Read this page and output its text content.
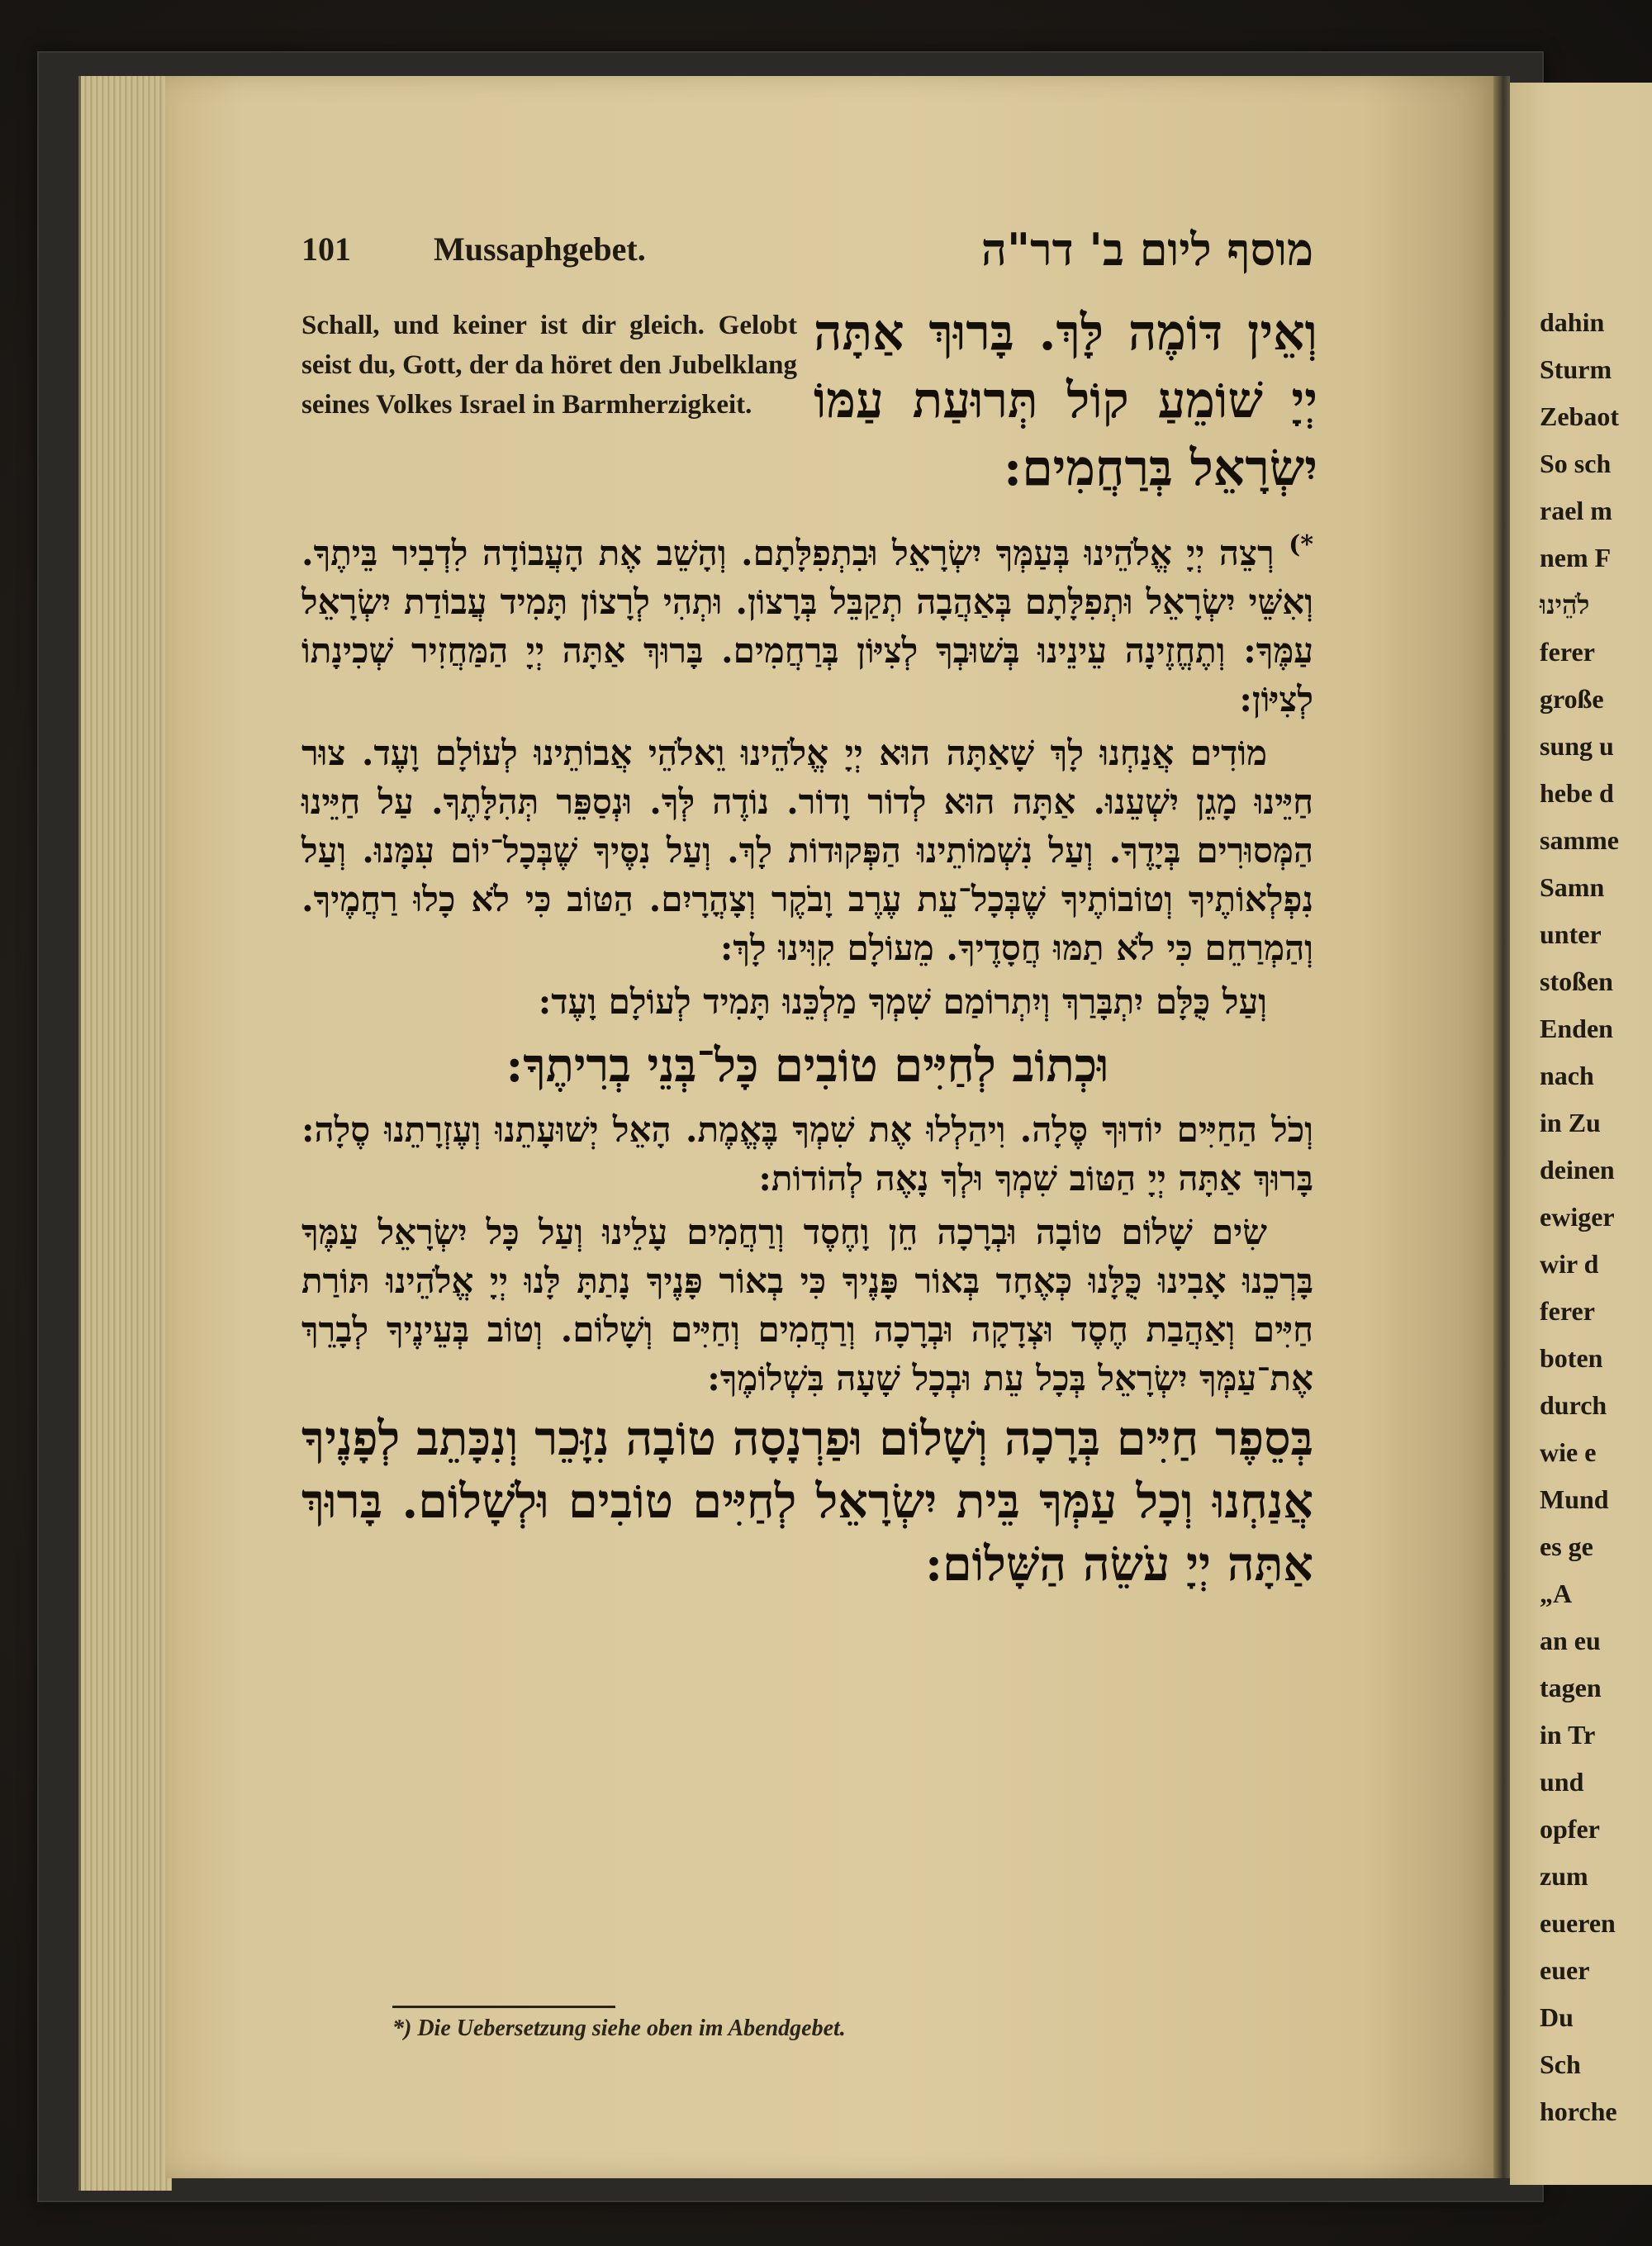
dahin
Sturm
Zebaot
So sch
rael m
nem F
לֹהֵינוּ
ferer
große
sung u
hebe d
samme
Samn
unter
stoßen
Enden
nach
in Zu
deinen
ewiger
wir d
ferer
boten
durch
wie e
Mund
es ge
„A
an eu
tagen
in Tr
und
opfer
zum
eueren
euer
Du
Sch
horche
101	Mussaphgebet.	מוסף ליום ב' דר"ה

Schall, und keiner ist dir gleich. Gelobt seist du, Gott, der da höret den Jubelklang seines Volkes Israel in Barmherzigkeit.

וְאֵין דּוֹמֶה לָּךְ. בָּרוּךְ אַתָּה יְיָ שׁוֹמֵעַ קוֹל תְּרוּעַת עַמּוֹ יִשְׂרָאֵל בְּרַחֲמִים:

*) רְצֵה יְיָ אֱלֹהֵינוּ בְּעַמְּךָ יִשְׂרָאֵל וּבִתְפִלָּתָם. וְהָשֵׁב אֶת הָעֲבוֹדָה לִדְבִיר בֵּיתֶךָ. וְאִשֵּׁי יִשְׂרָאֵל וּתְפִלָּתָם בְּאַהֲבָה תְקַבֵּל בְּרָצוֹן. וּתְהִי לְרָצוֹן תָּמִיד עֲבוֹדַת יִשְׂרָאֵל עַמֶּךָ: וְתֶחֱזֶינָה עֵינֵינוּ בְּשׁוּבְךָ לְצִיּוֹן בְּרַחֲמִים. בָּרוּךְ אַתָּה יְיָ הַמַּחֲזִיר שְׁכִינָתוֹ לְצִיּוֹן:

מוֹדִים אֲנַחְנוּ לָךְ שָׁאַתָּה הוּא יְיָ אֱלֹהֵינוּ וֵאלֹהֵי אֲבוֹתֵינוּ לְעוֹלָם וָעֶד. צוּר חַיֵּינוּ מָגֵן יִשְׁעֵנוּ. אַתָּה הוּא לְדוֹר וָדוֹר. נוֹדֶה לְּךָ. וּנְסַפֵּר תְּהִלָּתֶךָ. עַל חַיֵּינוּ הַמְּסוּרִים בְּיָדֶךָ. וְעַל נִשְׁמוֹתֵינוּ הַפְּקוּדוֹת לָךְ. וְעַל נִסֶּיךָ שֶׁבְּכָל־יוֹם עִמָּנוּ. וְעַל נִפְלְאוֹתֶיךָ וְטוֹבוֹתֶיךָ שֶׁבְּכָל־עֵת עֶרֶב וָבֹקֶר וְצָהֳרָיִם. הַטּוֹב כִּי לֹא כָלוּ רַחֲמֶיךָ. וְהַמְרַחֵם כִּי לֹא תַמּוּ חֲסָדֶיךָ. מֵעוֹלָם קִוִּינוּ לָךְ:

וְעַל כֻּלָּם יִתְבָּרַךְ וְיִתְרוֹמַם שִׁמְךָ מַלְכֵּנוּ תָּמִיד לְעוֹלָם וָעֶד:

וּכְתוֹב לְחַיִּים טוֹבִים כָּל־בְּנֵי בְרִיתֶךָ:

וְכֹל הַחַיִּים יוֹדוּךָ סֶּלָה. וִיהַלְלוּ אֶת שִׁמְךָ בֶּאֱמֶת. הָאֵל יְשׁוּעָתֵנוּ וְעֶזְרָתֵנוּ סֶלָה: בָּרוּךְ אַתָּה יְיָ הַטּוֹב שִׁמְךָ וּלְךָ נָאֶה לְהוֹדוֹת:

שִׂים שָׁלוֹם טוֹבָה וּבְרָכָה חֵן וָחֶסֶד וְרַחֲמִים עָלֵינוּ וְעַל כָּל יִשְׂרָאֵל עַמֶּךָ בָּרְכֵנוּ אָבִינוּ כֻּלָּנוּ כְּאֶחָד בְּאוֹר פָּנֶיךָ כִּי בְאוֹר פָּנֶיךָ נָתַתָּ לָּנוּ יְיָ אֱלֹהֵינוּ תּוֹרַת חַיִּים וְאַהֲבַת חֶסֶד וּצְדָקָה וּבְרָכָה וְרַחֲמִים וְחַיִּים וְשָׁלוֹם. וְטוֹב בְּעֵינֶיךָ לְבָרֵךְ אֶת־עַמְּךָ יִשְׂרָאֵל בְּכָל עֵת וּבְכָל שָׁעָה בִּשְׁלוֹמֶךָ:

בְּסֵפֶר חַיִּים בְּרָכָה וְשָׁלוֹם וּפַרְנָסָה טוֹבָה נִזָּכֵר וְנִכָּתֵב לְפָנֶיךָ אֲנַחְנוּ וְכָל עַמְּךָ בֵּית יִשְׂרָאֵל לְחַיִּים טוֹבִים וּלְשָׁלוֹם. בָּרוּךְ אַתָּה יְיָ עֹשֵׂה הַשָּׁלוֹם:

*) Die Uebersetzung siehe oben im Abendgebet.
